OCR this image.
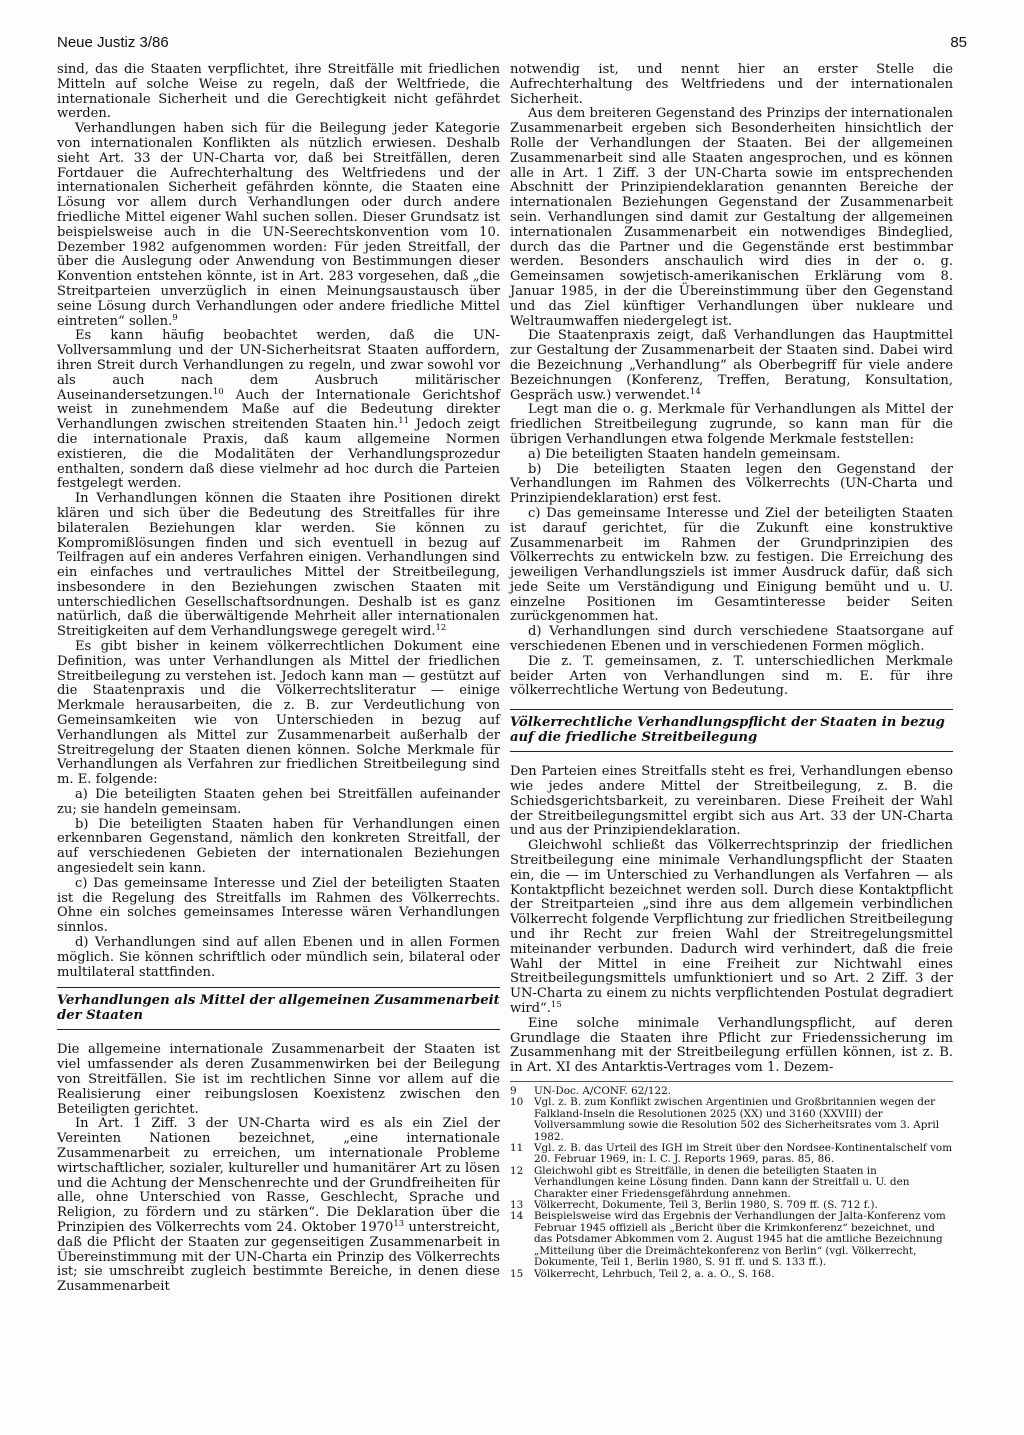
Neue Justiz 3/86	85

sind, das die Staaten verpflichtet, ihre Streitfälle mit friedlichen Mitteln auf solche Weise zu regeln, daß der Weltfriede, die internationale Sicherheit und die Gerechtigkeit nicht gefährdet werden.

Verhandlungen haben sich für die Beilegung jeder Kategorie von internationalen Konflikten als nützlich erwiesen. Deshalb sieht Art. 33 der UN-Charta vor, daß bei Streitfällen, deren Fortdauer die Aufrechterhaltung des Weltfriedens und der internationalen Sicherheit gefährden könnte, die Staaten eine Lösung vor allem durch Verhandlungen oder durch andere friedliche Mittel eigener Wahl suchen sollen. Dieser Grundsatz ist beispielsweise auch in die UN-Seerechtskonvention vom 10. Dezember 1982 aufgenommen worden: Für jeden Streitfall, der über die Auslegung oder Anwendung von Bestimmungen dieser Konvention entstehen könnte, ist in Art. 283 vorgesehen, daß „die Streitparteien unverzüglich in einen Meinungsaustausch über seine Lösung durch Verhandlungen oder andere friedliche Mittel eintreten“ sollen.$^9$

Es kann häufig beobachtet werden, daß die UN-Vollversammlung und der UN-Sicherheitsrat Staaten auffordern, ihren Streit durch Verhandlungen zu regeln, und zwar sowohl vor als auch nach dem Ausbruch militärischer Auseinandersetzungen.$^{10}$ Auch der Internationale Gerichtshof weist in zunehmendem Maße auf die Bedeutung direkter Verhandlungen zwischen streitenden Staaten hin.$^{11}$ Jedoch zeigt die internationale Praxis, daß kaum allgemeine Normen existieren, die die Modalitäten der Verhandlungsprozedur enthalten, sondern daß diese vielmehr ad hoc durch die Parteien festgelegt werden.

In Verhandlungen können die Staaten ihre Positionen direkt klären und sich über die Bedeutung des Streitfalles für ihre bilateralen Beziehungen klar werden. Sie können zu Kompromißlösungen finden und sich eventuell in bezug auf Teilfragen auf ein anderes Verfahren einigen. Verhandlungen sind ein einfaches und vertrauliches Mittel der Streitbeilegung, insbesondere in den Beziehungen zwischen Staaten mit unterschiedlichen Gesellschaftsordnungen. Deshalb ist es ganz natürlich, daß die überwältigende Mehrheit aller internationalen Streitigkeiten auf dem Verhandlungswege geregelt wird.$^{12}$

Es gibt bisher in keinem völkerrechtlichen Dokument eine Definition, was unter Verhandlungen als Mittel der friedlichen Streitbeilegung zu verstehen ist. Jedoch kann man — gestützt auf die Staatenpraxis und die Völkerrechtsliteratur — einige Merkmale herausarbeiten, die z. B. zur Verdeutlichung von Gemeinsamkeiten wie von Unterschieden in bezug auf Verhandlungen als Mittel zur Zusammenarbeit außerhalb der Streitregelung der Staaten dienen können. Solche Merkmale für Verhandlungen als Verfahren zur friedlichen Streitbeilegung sind m. E. folgende:

a) Die beteiligten Staaten gehen bei Streitfällen aufeinander zu; sie handeln gemeinsam.

b) Die beteiligten Staaten haben für Verhandlungen einen erkennbaren Gegenstand, nämlich den konkreten Streitfall, der auf verschiedenen Gebieten der internationalen Beziehungen angesiedelt sein kann.

c) Das gemeinsame Interesse und Ziel der beteiligten Staaten ist die Regelung des Streitfalls im Rahmen des Völkerrechts. Ohne ein solches gemeinsames Interesse wären Verhandlungen sinnlos.

d) Verhandlungen sind auf allen Ebenen und in allen Formen möglich. Sie können schriftlich oder mündlich sein, bilateral oder multilateral stattfinden.

Verhandlungen als Mittel der allgemeinen Zusammenarbeit der Staaten

Die allgemeine internationale Zusammenarbeit der Staaten ist viel umfassender als deren Zusammenwirken bei der Beilegung von Streitfällen. Sie ist im rechtlichen Sinne vor allem auf die Realisierung einer reibungslosen Koexistenz zwischen den Beteiligten gerichtet.

In Art. 1 Ziff. 3 der UN-Charta wird es als ein Ziel der Vereinten Nationen bezeichnet, „eine internationale Zusammenarbeit zu erreichen, um internationale Probleme wirtschaftlicher, sozialer, kultureller und humanitärer Art zu lösen und die Achtung der Menschenrechte und der Grundfreiheiten für alle, ohne Unterschied von Rasse, Geschlecht, Sprache und Religion, zu fördern und zu stärken“. Die Deklaration über die Prinzipien des Völkerrechts vom 24. Oktober 1970$^{13}$ unterstreicht, daß die Pflicht der Staaten zur gegenseitigen Zusammenarbeit in Übereinstimmung mit der UN-Charta ein Prinzip des Völkerrechts ist; sie umschreibt zugleich bestimmte Bereiche, in denen diese Zusammenarbeit

notwendig ist, und nennt hier an erster Stelle die Aufrechterhaltung des Weltfriedens und der internationalen Sicherheit.

Aus dem breiteren Gegenstand des Prinzips der internationalen Zusammenarbeit ergeben sich Besonderheiten hinsichtlich der Rolle der Verhandlungen der Staaten. Bei der allgemeinen Zusammenarbeit sind alle Staaten angesprochen, und es können alle in Art. 1 Ziff. 3 der UN-Charta sowie im entsprechenden Abschnitt der Prinzipiendeklaration genannten Bereiche der internationalen Beziehungen Gegenstand der Zusammenarbeit sein. Verhandlungen sind damit zur Gestaltung der allgemeinen internationalen Zusammenarbeit ein notwendiges Bindeglied, durch das die Partner und die Gegenstände erst bestimmbar werden. Besonders anschaulich wird dies in der o. g. Gemeinsamen sowjetisch-amerikanischen Erklärung vom 8. Januar 1985, in der die Übereinstimmung über den Gegenstand und das Ziel künftiger Verhandlungen über nukleare und Weltraumwaffen niedergelegt ist.

Die Staatenpraxis zeigt, daß Verhandlungen das Hauptmittel zur Gestaltung der Zusammenarbeit der Staaten sind. Dabei wird die Bezeichnung „Verhandlung“ als Oberbegriff für viele andere Bezeichnungen (Konferenz, Treffen, Beratung, Konsultation, Gespräch usw.) verwendet.$^{14}$

Legt man die o. g. Merkmale für Verhandlungen als Mittel der friedlichen Streitbeilegung zugrunde, so kann man für die übrigen Verhandlungen etwa folgende Merkmale feststellen:

a) Die beteiligten Staaten handeln gemeinsam.

b) Die beteiligten Staaten legen den Gegenstand der Verhandlungen im Rahmen des Völkerrechts (UN-Charta und Prinzipiendeklaration) erst fest.

c) Das gemeinsame Interesse und Ziel der beteiligten Staaten ist darauf gerichtet, für die Zukunft eine konstruktive Zusammenarbeit im Rahmen der Grundprinzipien des Völkerrechts zu entwickeln bzw. zu festigen. Die Erreichung des jeweiligen Verhandlungsziels ist immer Ausdruck dafür, daß sich jede Seite um Verständigung und Einigung bemüht und u. U. einzelne Positionen im Gesamtinteresse beider Seiten zurückgenommen hat.

d) Verhandlungen sind durch verschiedene Staatsorgane auf verschiedenen Ebenen und in verschiedenen Formen möglich.

Die z. T. gemeinsamen, z. T. unterschiedlichen Merkmale beider Arten von Verhandlungen sind m. E. für ihre völkerrechtliche Wertung von Bedeutung.

Völkerrechtliche Verhandlungspflicht der Staaten in bezug auf die friedliche Streitbeilegung

Den Parteien eines Streitfalls steht es frei, Verhandlungen ebenso wie jedes andere Mittel der Streitbeilegung, z. B. die Schiedsgerichtsbarkeit, zu vereinbaren. Diese Freiheit der Wahl der Streitbeilegungsmittel ergibt sich aus Art. 33 der UN-Charta und aus der Prinzipiendeklaration.

Gleichwohl schließt das Völkerrechtsprinzip der friedlichen Streitbeilegung eine minimale Verhandlungspflicht der Staaten ein, die — im Unterschied zu Verhandlungen als Verfahren — als Kontaktpflicht bezeichnet werden soll. Durch diese Kontaktpflicht der Streitparteien „sind ihre aus dem allgemein verbindlichen Völkerrecht folgende Verpflichtung zur friedlichen Streitbeilegung und ihr Recht zur freien Wahl der Streitregelungsmittel miteinander verbunden. Dadurch wird verhindert, daß die freie Wahl der Mittel in eine Freiheit zur Nichtwahl eines Streitbeilegungsmittels umfunktioniert und so Art. 2 Ziff. 3 der UN-Charta zu einem zu nichts verpflichtenden Postulat degradiert wird“.$^{15}$

Eine solche minimale Verhandlungspflicht, auf deren Grundlage die Staaten ihre Pflicht zur Friedenssicherung im Zusammenhang mit der Streitbeilegung erfüllen können, ist z. B. in Art. XI des Antarktis-Vertrages vom 1. Dezem-

9	UN-Doc. A/CONF. 62/122.
10	Vgl. z. B. zum Konflikt zwischen Argentinien und Großbritannien wegen der Falkland-Inseln die Resolutionen 2025 (XX) und 3160 (XXVIII) der Vollversammlung sowie die Resolution 502 des Sicherheitsrates vom 3. April 1982.
11	Vgl. z. B. das Urteil des IGH im Streit über den Nordsee-Kontinentalschelf vom 20. Februar 1969, in: I. C. J. Reports 1969, paras. 85, 86.
12	Gleichwohl gibt es Streitfälle, in denen die beteiligten Staaten in Verhandlungen keine Lösung finden. Dann kann der Streitfall u. U. den Charakter einer Friedensgefährdung annehmen.
13	Völkerrecht, Dokumente, Teil 3, Berlin 1980, S. 709 ff. (S. 712 f.).
14	Beispielsweise wird das Ergebnis der Verhandlungen der Jalta-Konferenz vom Februar 1945 offiziell als „Bericht über die Krimkonferenz“ bezeichnet, und das Potsdamer Abkommen vom 2. August 1945 hat die amtliche Bezeichnung „Mitteilung über die Dreimächtekonferenz von Berlin“ (vgl. Völkerrecht, Dokumente, Teil 1, Berlin 1980, S. 91 ff. und S. 133 ff.).
15	Völkerrecht, Lehrbuch, Teil 2, a. a. O., S. 168.
